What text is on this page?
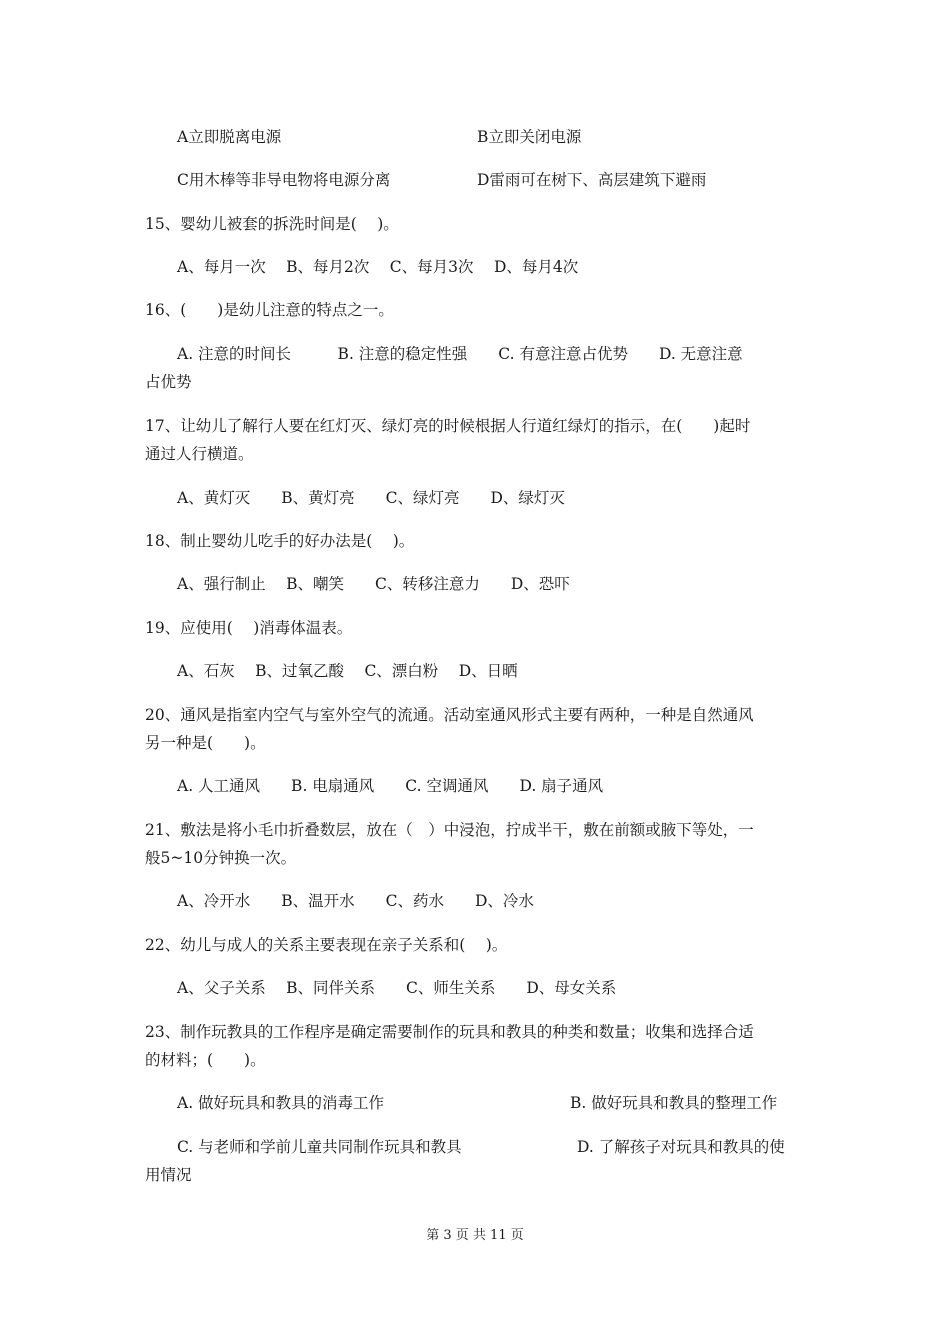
A立即脱离电源	B立即关闭电源
C用木棒等非导电物将电源分离	D雷雨可在树下、高层建筑下避雨
15、婴幼儿被套的拆洗时间是(　 )。
A、每月一次　 B、每月2次　 C、每月3次　 D、每月4次
16、(　　)是幼儿注意的特点之一。
A. 注意的时间长　　　B. 注意的稳定性强　　C. 有意注意占优势　　D. 无意注意
占优势
17、让幼儿了解行人要在红灯灭、绿灯亮的时候根据人行道红绿灯的指示，在(　　)起时
通过人行横道。
A、黄灯灭　　B、黄灯亮　　C、绿灯亮　　D、绿灯灭
18、制止婴幼儿吃手的好办法是(　 )。
A、强行制止　 B、嘲笑　　C、转移注意力　　D、恐吓
19、应使用(　 )消毒体温表。
A、石灰　 B、过氧乙酸　 C、漂白粉　 D、日晒
20、通风是指室内空气与室外空气的流通。活动室通风形式主要有两种，一种是自然通风
另一种是(　　)。
A. 人工通风　　B. 电扇通风　　C. 空调通风　　D. 扇子通风
21、敷法是将小毛巾折叠数层，放在（　）中浸泡，拧成半干，敷在前额或腋下等处，一
般5~10分钟换一次。
A、冷开水　　B、温开水　　C、药水　　D、冷水
22、幼儿与成人的关系主要表现在亲子关系和(　 )。
A、父子关系　 B、同伴关系　　C、师生关系　　D、母女关系
23、制作玩教具的工作程序是确定需要制作的玩具和教具的种类和数量；收集和选择合适
的材料；(　　)。
A. 做好玩具和教具的消毒工作	B. 做好玩具和教具的整理工作
C. 与老师和学前儿童共同制作玩具和教具	D. 了解孩子对玩具和教具的使
用情况
第 3 页 共 11 页
